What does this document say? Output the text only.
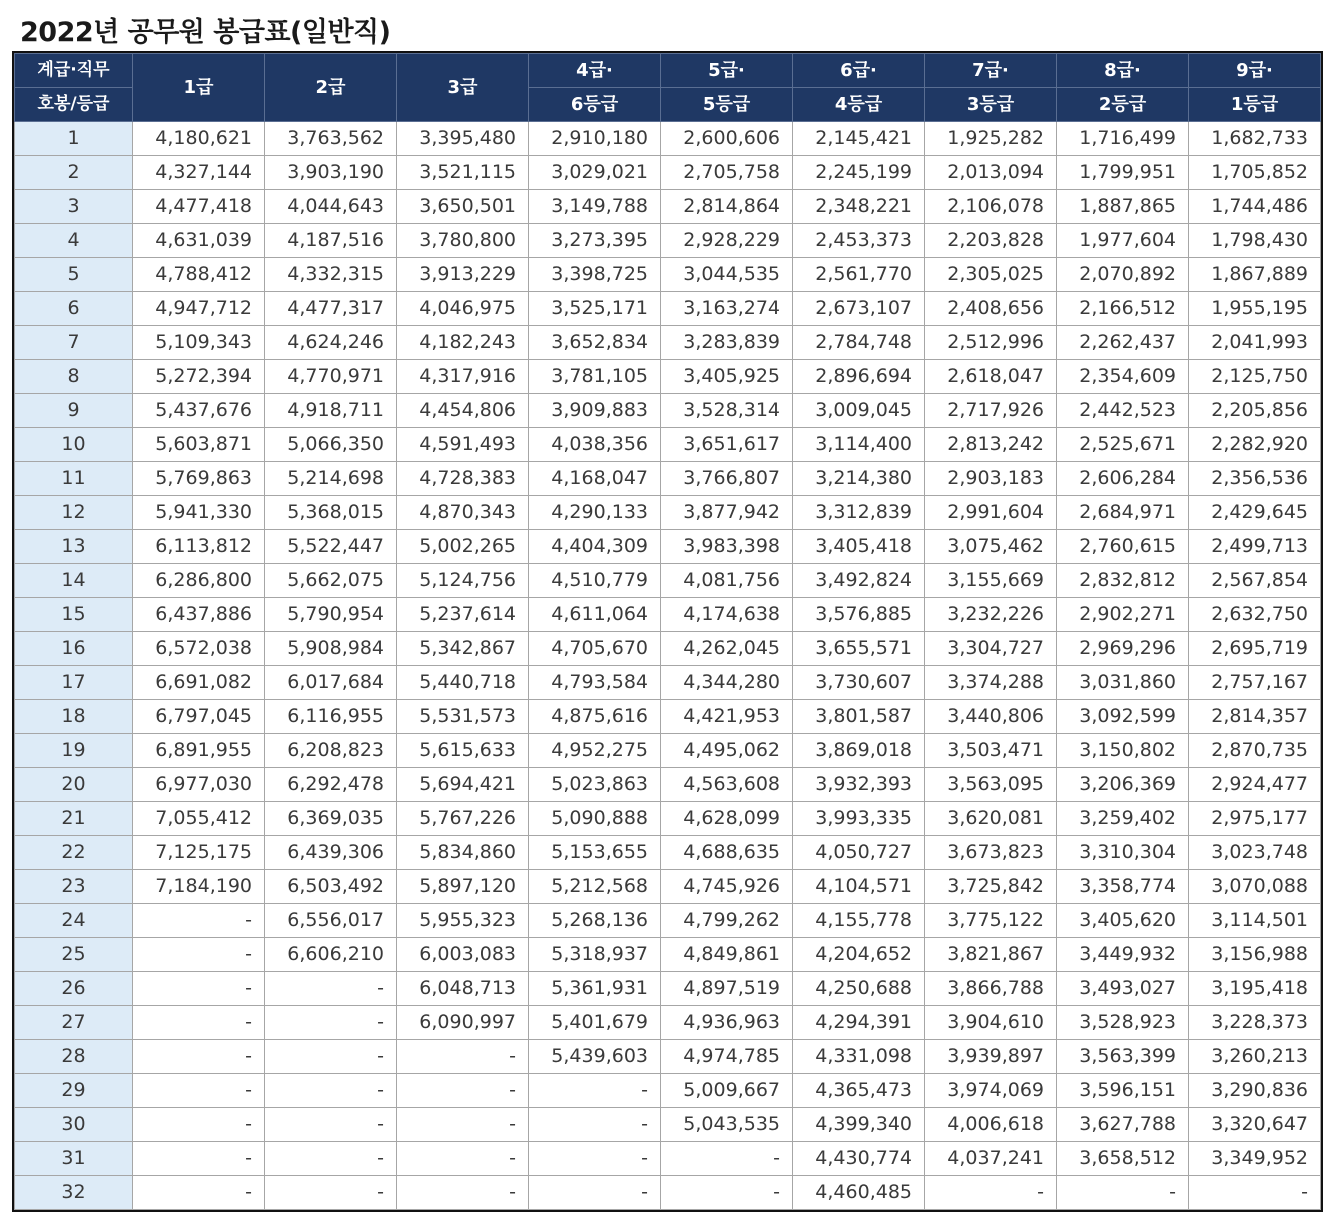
2022년 공무원 봉급표(일반직)
계급·직무	1급	2급	3급	4급·	5급·	6급·	7급·	8급·	9급·
호봉/등급				6등급	5등급	4등급	3등급	2등급	1등급
1	4,180,621	3,763,562	3,395,480	2,910,180	2,600,606	2,145,421	1,925,282	1,716,499	1,682,733
2	4,327,144	3,903,190	3,521,115	3,029,021	2,705,758	2,245,199	2,013,094	1,799,951	1,705,852
3	4,477,418	4,044,643	3,650,501	3,149,788	2,814,864	2,348,221	2,106,078	1,887,865	1,744,486
4	4,631,039	4,187,516	3,780,800	3,273,395	2,928,229	2,453,373	2,203,828	1,977,604	1,798,430
5	4,788,412	4,332,315	3,913,229	3,398,725	3,044,535	2,561,770	2,305,025	2,070,892	1,867,889
6	4,947,712	4,477,317	4,046,975	3,525,171	3,163,274	2,673,107	2,408,656	2,166,512	1,955,195
7	5,109,343	4,624,246	4,182,243	3,652,834	3,283,839	2,784,748	2,512,996	2,262,437	2,041,993
8	5,272,394	4,770,971	4,317,916	3,781,105	3,405,925	2,896,694	2,618,047	2,354,609	2,125,750
9	5,437,676	4,918,711	4,454,806	3,909,883	3,528,314	3,009,045	2,717,926	2,442,523	2,205,856
10	5,603,871	5,066,350	4,591,493	4,038,356	3,651,617	3,114,400	2,813,242	2,525,671	2,282,920
11	5,769,863	5,214,698	4,728,383	4,168,047	3,766,807	3,214,380	2,903,183	2,606,284	2,356,536
12	5,941,330	5,368,015	4,870,343	4,290,133	3,877,942	3,312,839	2,991,604	2,684,971	2,429,645
13	6,113,812	5,522,447	5,002,265	4,404,309	3,983,398	3,405,418	3,075,462	2,760,615	2,499,713
14	6,286,800	5,662,075	5,124,756	4,510,779	4,081,756	3,492,824	3,155,669	2,832,812	2,567,854
15	6,437,886	5,790,954	5,237,614	4,611,064	4,174,638	3,576,885	3,232,226	2,902,271	2,632,750
16	6,572,038	5,908,984	5,342,867	4,705,670	4,262,045	3,655,571	3,304,727	2,969,296	2,695,719
17	6,691,082	6,017,684	5,440,718	4,793,584	4,344,280	3,730,607	3,374,288	3,031,860	2,757,167
18	6,797,045	6,116,955	5,531,573	4,875,616	4,421,953	3,801,587	3,440,806	3,092,599	2,814,357
19	6,891,955	6,208,823	5,615,633	4,952,275	4,495,062	3,869,018	3,503,471	3,150,802	2,870,735
20	6,977,030	6,292,478	5,694,421	5,023,863	4,563,608	3,932,393	3,563,095	3,206,369	2,924,477
21	7,055,412	6,369,035	5,767,226	5,090,888	4,628,099	3,993,335	3,620,081	3,259,402	2,975,177
22	7,125,175	6,439,306	5,834,860	5,153,655	4,688,635	4,050,727	3,673,823	3,310,304	3,023,748
23	7,184,190	6,503,492	5,897,120	5,212,568	4,745,926	4,104,571	3,725,842	3,358,774	3,070,088
24	-	6,556,017	5,955,323	5,268,136	4,799,262	4,155,778	3,775,122	3,405,620	3,114,501
25	-	6,606,210	6,003,083	5,318,937	4,849,861	4,204,652	3,821,867	3,449,932	3,156,988
26	-	-	6,048,713	5,361,931	4,897,519	4,250,688	3,866,788	3,493,027	3,195,418
27	-	-	6,090,997	5,401,679	4,936,963	4,294,391	3,904,610	3,528,923	3,228,373
28	-	-	-	5,439,603	4,974,785	4,331,098	3,939,897	3,563,399	3,260,213
29	-	-	-	-	5,009,667	4,365,473	3,974,069	3,596,151	3,290,836
30	-	-	-	-	5,043,535	4,399,340	4,006,618	3,627,788	3,320,647
31	-	-	-	-	-	4,430,774	4,037,241	3,658,512	3,349,952
32	-	-	-	-	-	4,460,485	-	-	-
